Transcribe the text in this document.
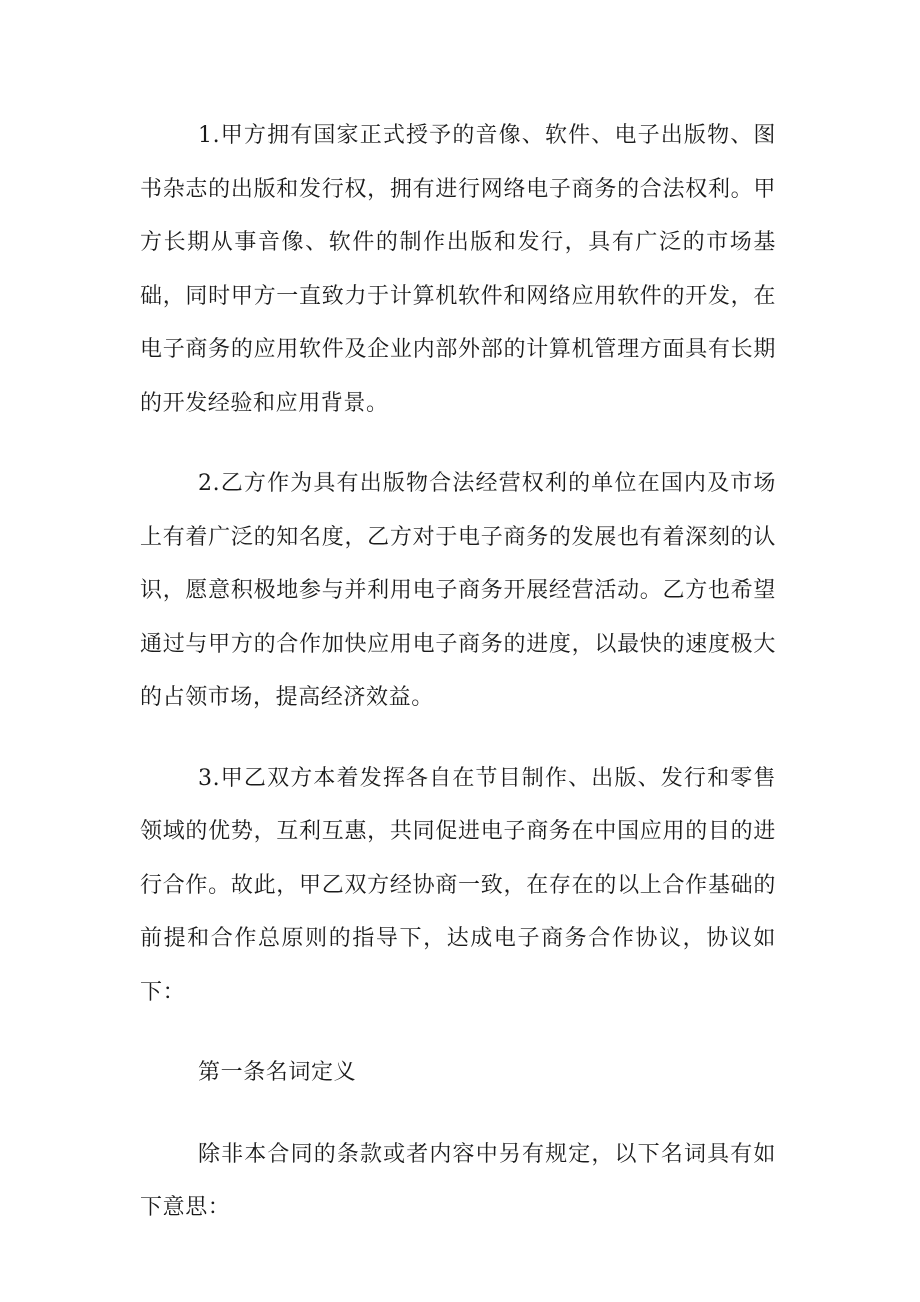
1.甲方拥有国家正式授予的音像、软件、电子出版物、图书杂志的出版和发行权，拥有进行网络电子商务的合法权利。甲方长期从事音像、软件的制作出版和发行，具有广泛的市场基础，同时甲方一直致力于计算机软件和网络应用软件的开发，在电子商务的应用软件及企业内部外部的计算机管理方面具有长期的开发经验和应用背景。

2.乙方作为具有出版物合法经营权利的单位在国内及市场上有着广泛的知名度，乙方对于电子商务的发展也有着深刻的认识，愿意积极地参与并利用电子商务开展经营活动。乙方也希望通过与甲方的合作加快应用电子商务的进度，以最快的速度极大的占领市场，提高经济效益。

3.甲乙双方本着发挥各自在节目制作、出版、发行和零售领域的优势，互利互惠，共同促进电子商务在中国应用的目的进行合作。故此，甲乙双方经协商一致，在存在的以上合作基础的前提和合作总原则的指导下，达成电子商务合作协议，协议如下：

第一条名词定义

除非本合同的条款或者内容中另有规定，以下名词具有如下意思：
